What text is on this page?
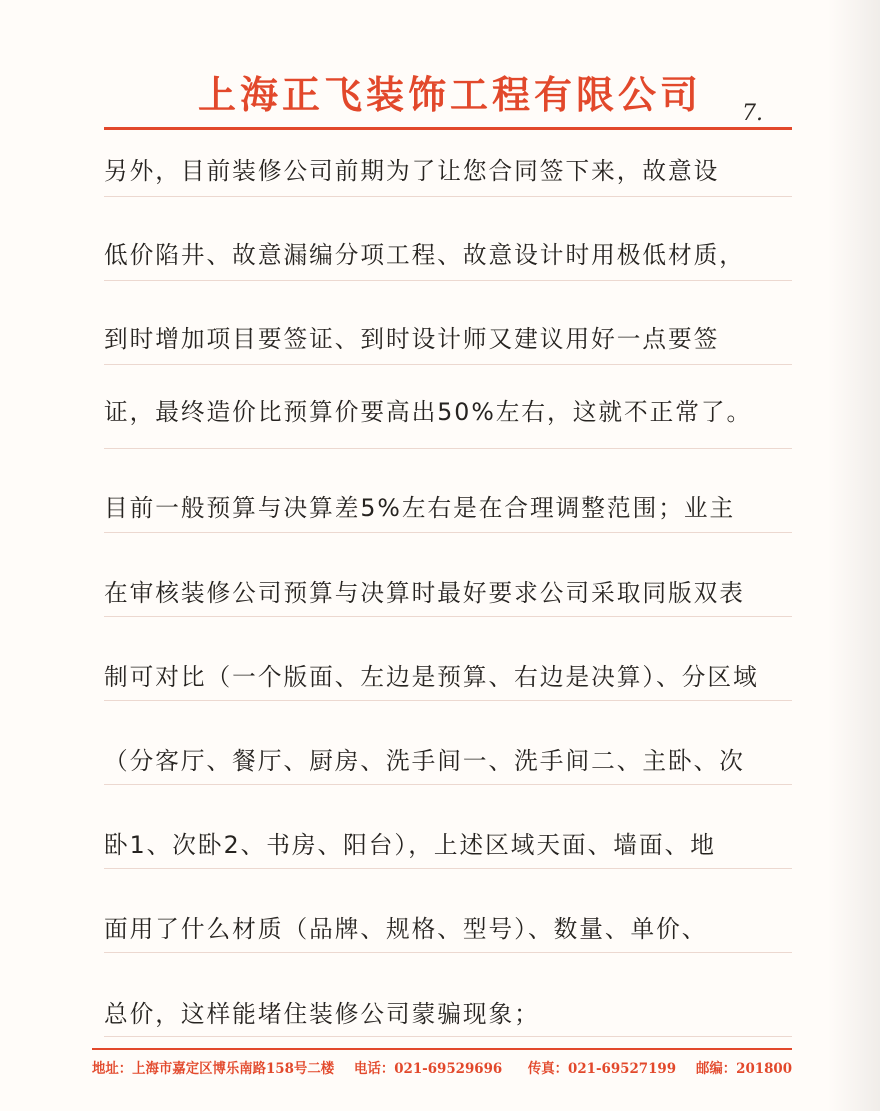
上海正飞装饰工程有限公司	7.
另外，目前装修公司前期为了让您合同签下来，故意设
低价陷井、故意漏编分项工程、故意设计时用极低材质，
到时增加项目要签证、到时设计师又建议用好一点要签
证，最终造价比预算价要高出50%左右，这就不正常了。
目前一般预算与决算差5%左右是在合理调整范围；业主
在审核装修公司预算与决算时最好要求公司采取同版双表
制可对比（一个版面、左边是预算、右边是决算）、分区域
（分客厅、餐厅、厨房、洗手间一、洗手间二、主卧、次
卧1、次卧2、书房、阳台），上述区域天面、墙面、地
面用了什么材质（品牌、规格、型号）、数量、单价、
总价，这样能堵住装修公司蒙骗现象；
地址：上海市嘉定区博乐南路158号二楼 电话：021-69529696 传真：021-69527199 邮编：201800
